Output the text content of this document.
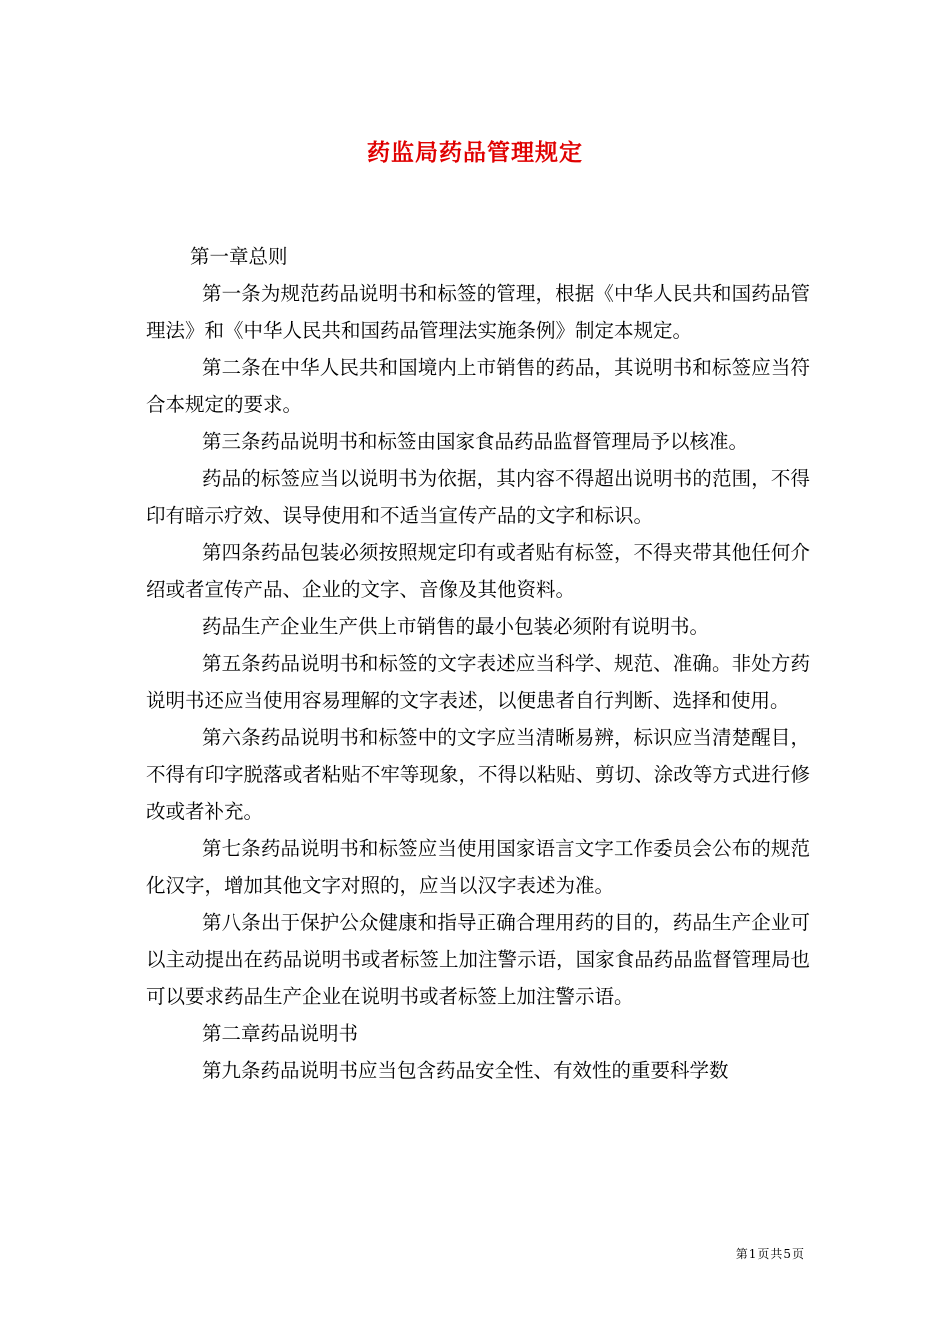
药监局药品管理规定

第一章总则

第一条为规范药品说明书和标签的管理，根据《中华人民共和国药品管理法》和《中华人民共和国药品管理法实施条例》制定本规定。

第二条在中华人民共和国境内上市销售的药品，其说明书和标签应当符合本规定的要求。

第三条药品说明书和标签由国家食品药品监督管理局予以核准。

药品的标签应当以说明书为依据，其内容不得超出说明书的范围，不得印有暗示疗效、误导使用和不适当宣传产品的文字和标识。

第四条药品包装必须按照规定印有或者贴有标签，不得夹带其他任何介绍或者宣传产品、企业的文字、音像及其他资料。

药品生产企业生产供上市销售的最小包装必须附有说明书。

第五条药品说明书和标签的文字表述应当科学、规范、准确。非处方药说明书还应当使用容易理解的文字表述，以便患者自行判断、选择和使用。

第六条药品说明书和标签中的文字应当清晰易辨，标识应当清楚醒目，不得有印字脱落或者粘贴不牢等现象，不得以粘贴、剪切、涂改等方式进行修改或者补充。

第七条药品说明书和标签应当使用国家语言文字工作委员会公布的规范化汉字，增加其他文字对照的，应当以汉字表述为准。

第八条出于保护公众健康和指导正确合理用药的目的，药品生产企业可以主动提出在药品说明书或者标签上加注警示语，国家食品药品监督管理局也可以要求药品生产企业在说明书或者标签上加注警示语。

第二章药品说明书

第九条药品说明书应当包含药品安全性、有效性的重要科学数

第1页共5页
